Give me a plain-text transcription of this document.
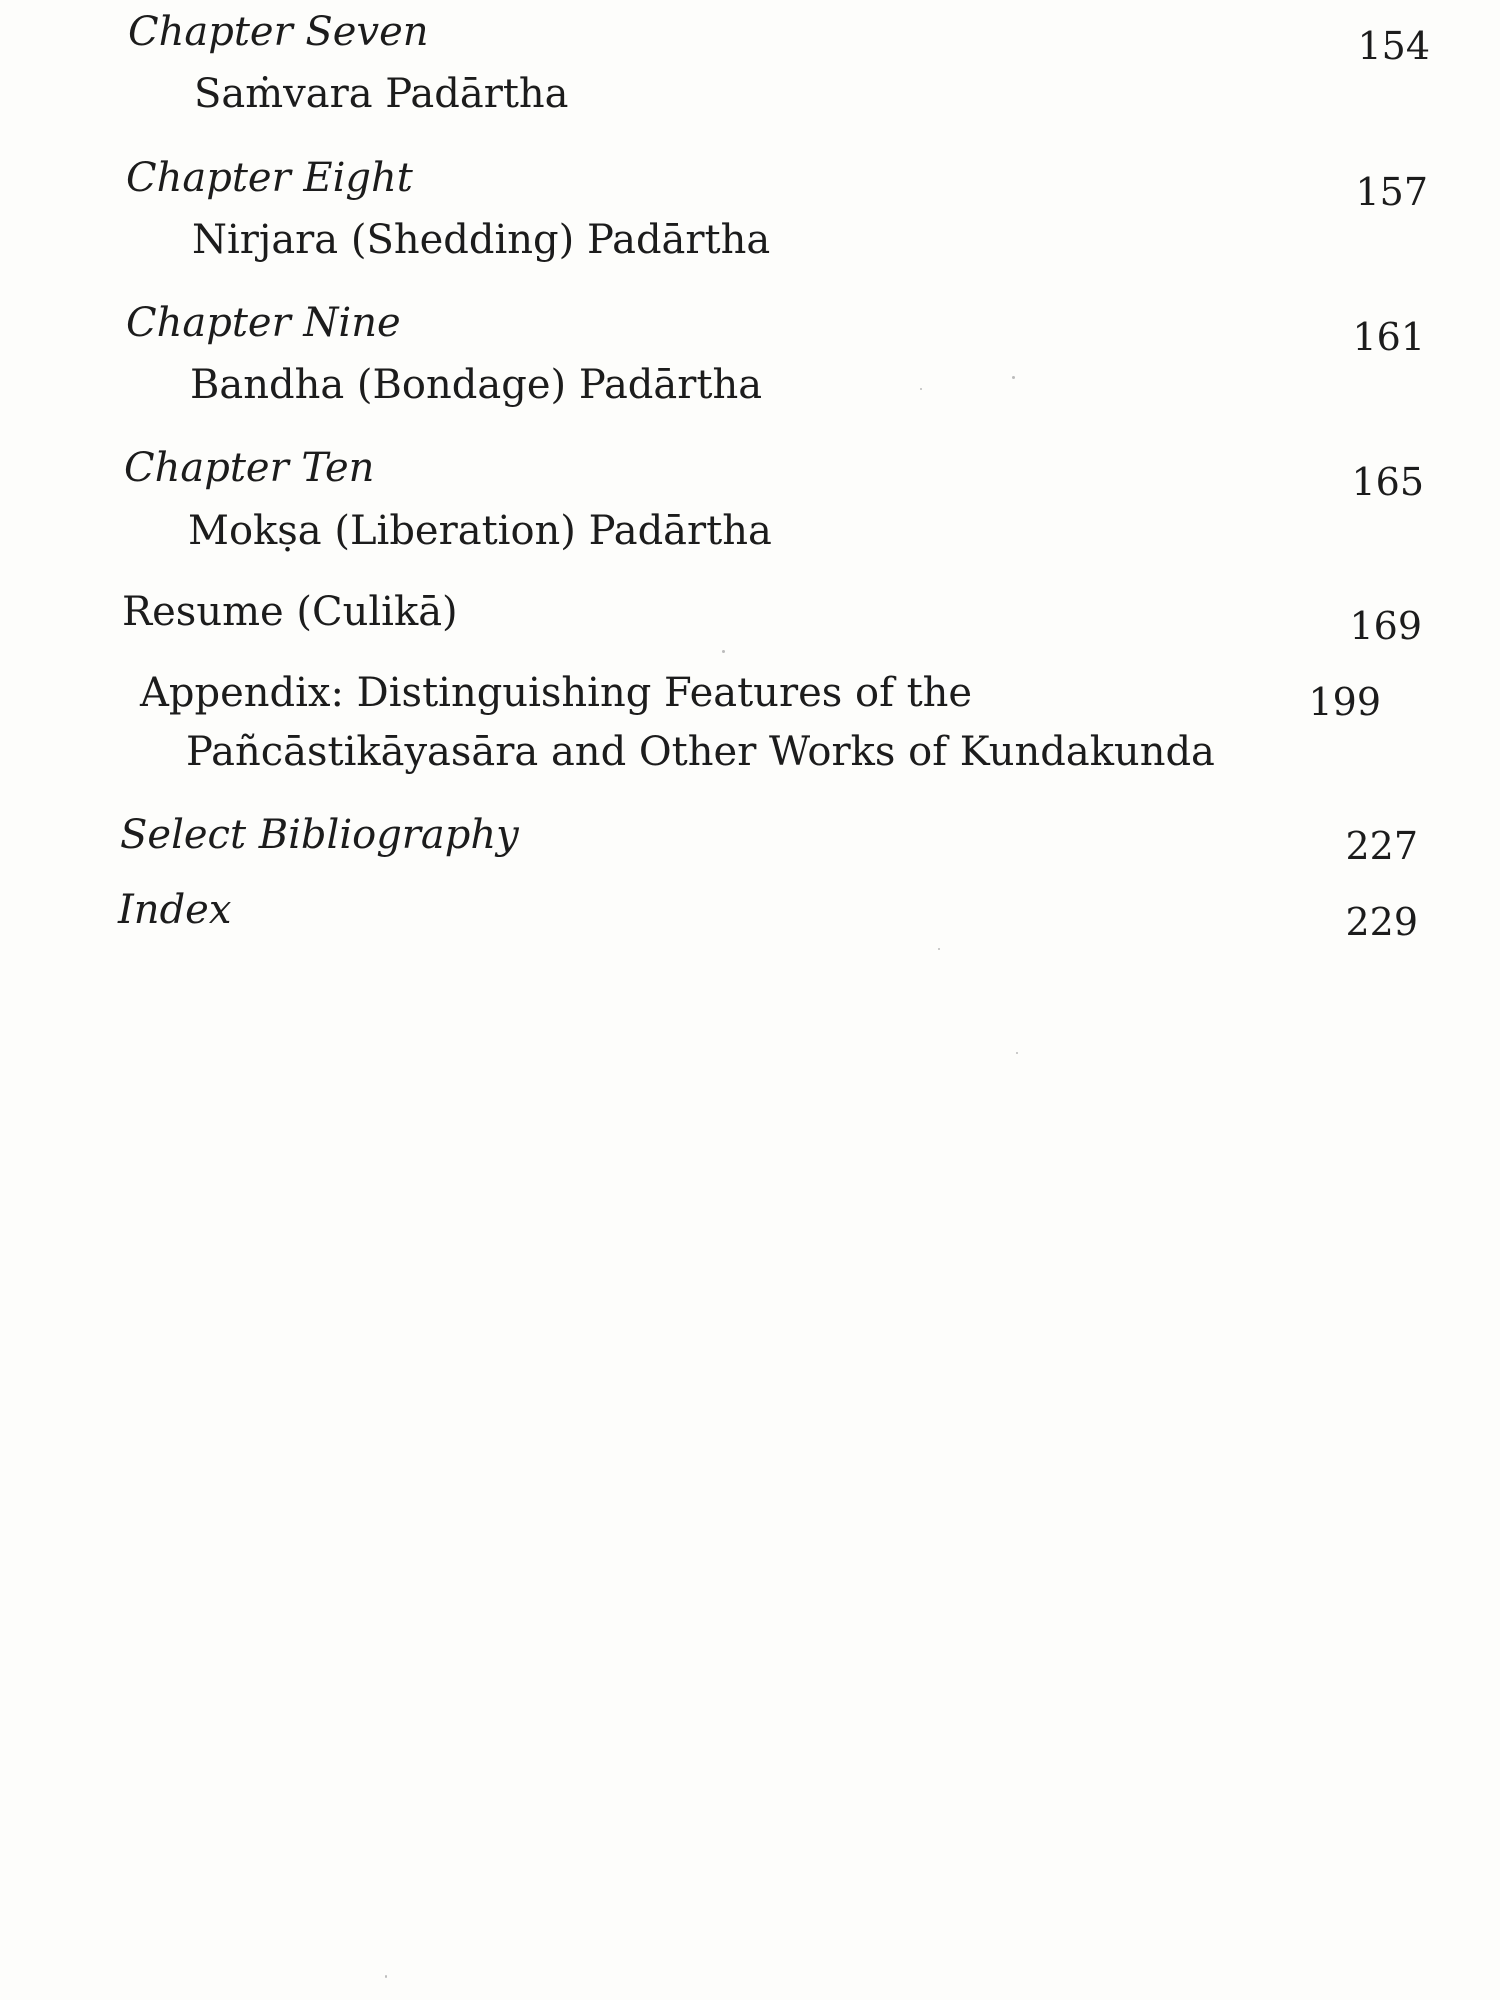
Chapter Seven	154
Saṁvara Padārtha
Chapter Eight	157
Nirjara (Shedding) Padārtha
Chapter Nine	161
Bandha (Bondage) Padārtha
Chapter Ten	165
Mokṣa (Liberation) Padārtha
Resume (Culikā)	169
Appendix: Distinguishing Features of the	199
Pañcāstikāyasāra and Other Works of Kundakunda
Select Bibliography	227
Index	229
